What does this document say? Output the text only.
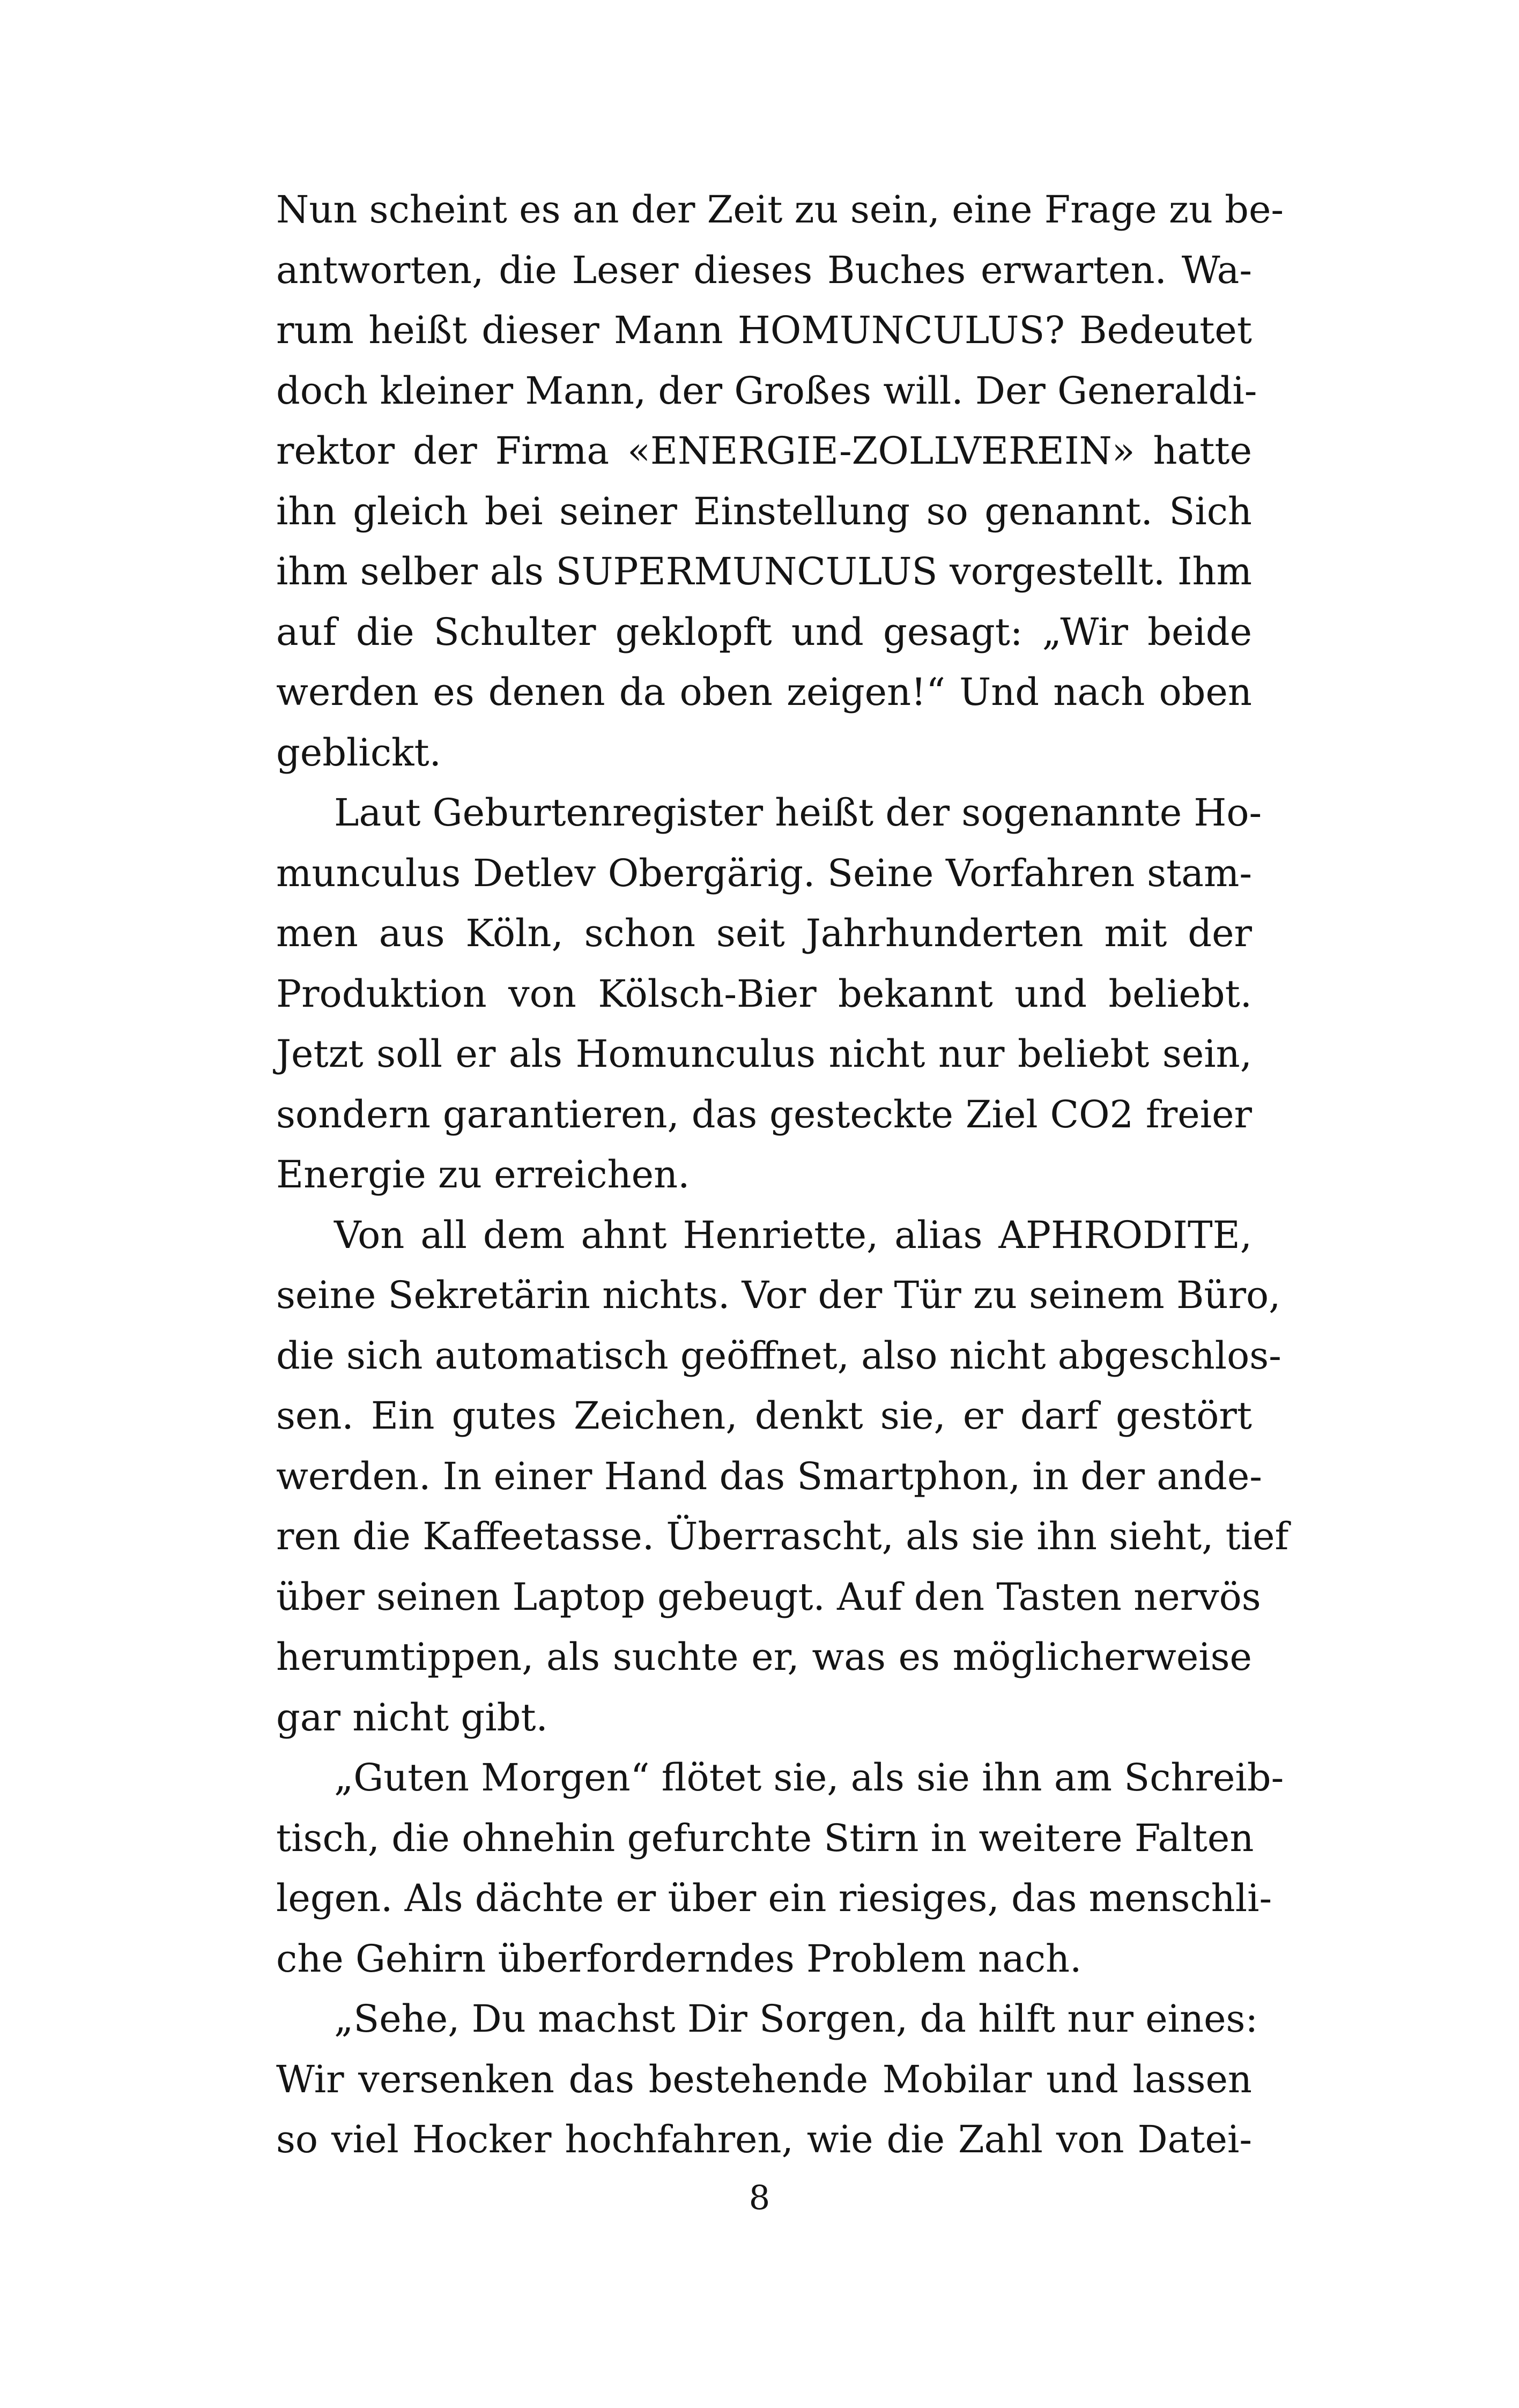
Nun scheint es an der Zeit zu sein, eine Frage zu be-
antworten, die Leser dieses Buches erwarten. Wa-
rum heißt dieser Mann HOMUNCULUS? Bedeutet
doch kleiner Mann, der Großes will. Der Generaldi-
rektor der Firma «ENERGIE-ZOLLVEREIN» hatte
ihn gleich bei seiner Einstellung so genannt. Sich
ihm selber als SUPERMUNCULUS vorgestellt. Ihm
auf die Schulter geklopft und gesagt: „Wir beide
werden es denen da oben zeigen!“ Und nach oben
geblickt.
Laut Geburtenregister heißt der sogenannte Ho-
munculus Detlev Obergärig. Seine Vorfahren stam-
men aus Köln, schon seit Jahrhunderten mit der
Produktion von Kölsch-Bier bekannt und beliebt.
Jetzt soll er als Homunculus nicht nur beliebt sein,
sondern garantieren, das gesteckte Ziel CO2 freier
Energie zu erreichen.
Von all dem ahnt Henriette, alias APHRODITE,
seine Sekretärin nichts. Vor der Tür zu seinem Büro,
die sich automatisch geöffnet, also nicht abgeschlos-
sen. Ein gutes Zeichen, denkt sie, er darf gestört
werden. In einer Hand das Smartphon, in der ande-
ren die Kaffeetasse. Überrascht, als sie ihn sieht, tief
über seinen Laptop gebeugt. Auf den Tasten nervös
herumtippen, als suchte er, was es möglicherweise
gar nicht gibt.
„Guten Morgen“ flötet sie, als sie ihn am Schreib-
tisch, die ohnehin gefurchte Stirn in weitere Falten
legen. Als dächte er über ein riesiges, das menschli-
che Gehirn überforderndes Problem nach.
„Sehe, Du machst Dir Sorgen, da hilft nur eines:
Wir versenken das bestehende Mobilar und lassen
so viel Hocker hochfahren, wie die Zahl von Datei-
8
